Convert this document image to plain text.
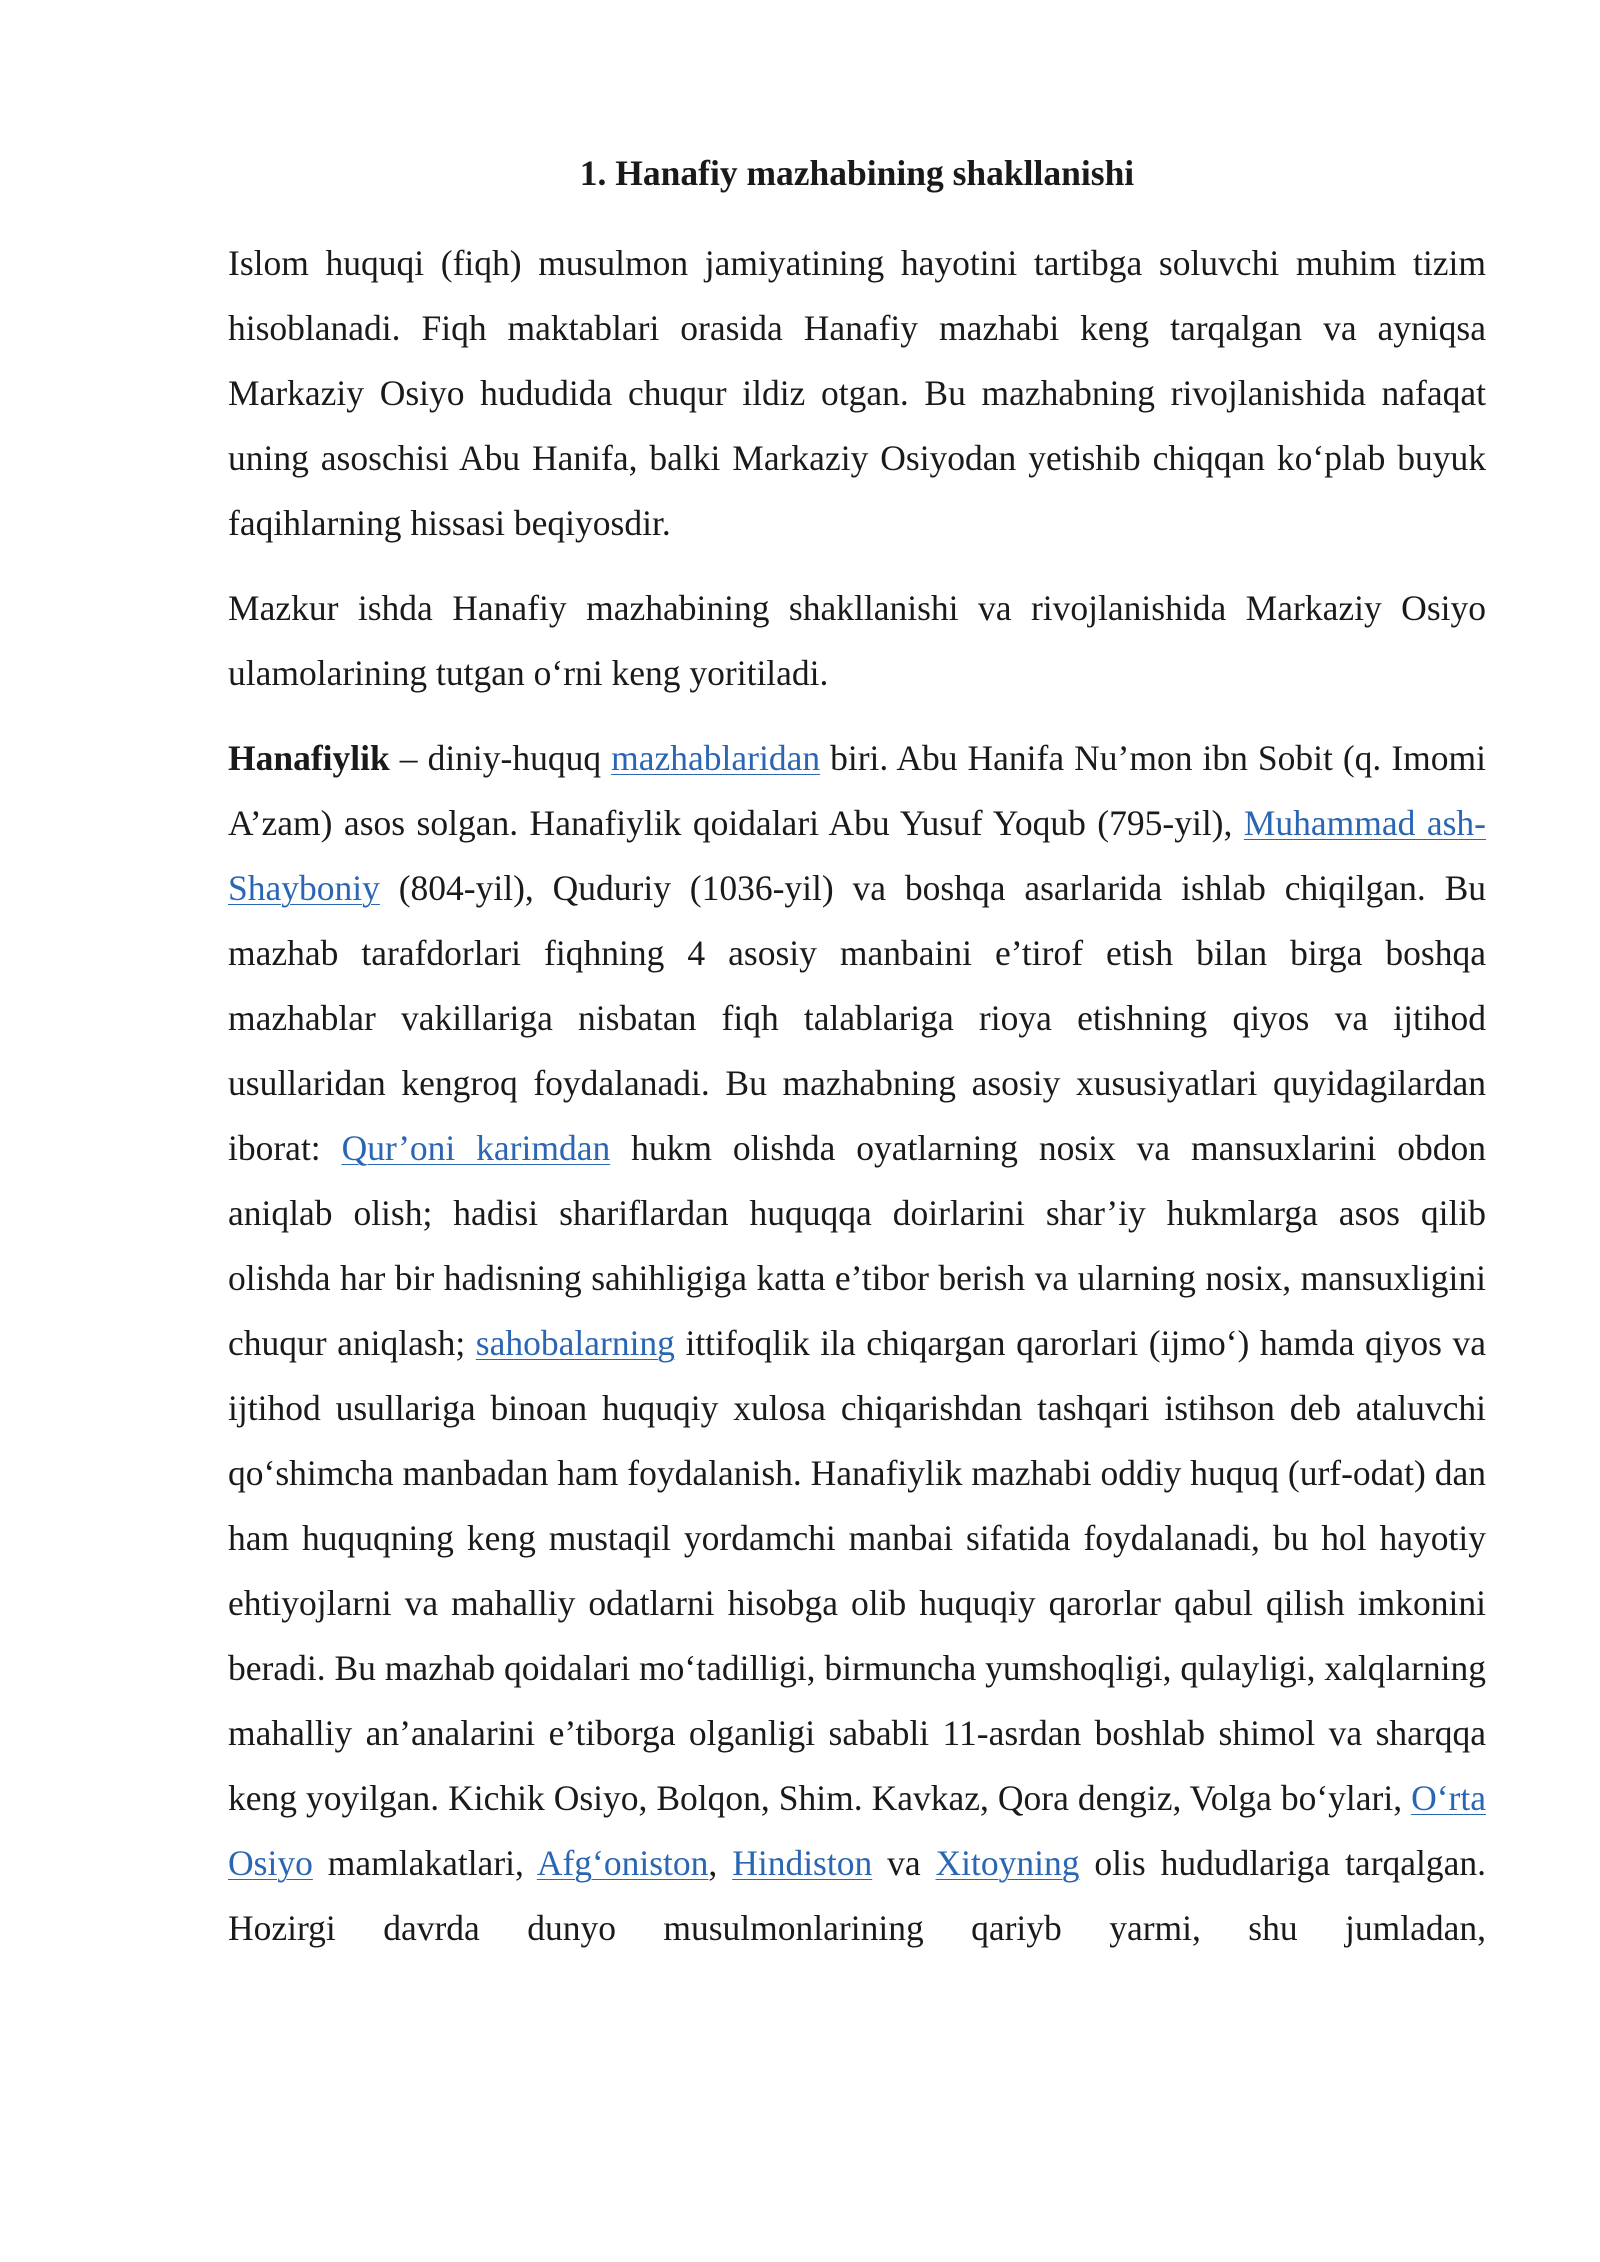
1. Hanafiy mazhabining shakllanishi

Islom huquqi (fiqh) musulmon jamiyatining hayotini tartibga soluvchi muhim tizim hisoblanadi. Fiqh maktablari orasida Hanafiy mazhabi keng tarqalgan va ayniqsa Markaziy Osiyo hududida chuqur ildiz otgan. Bu mazhabning rivojlanishida nafaqat uning asoschisi Abu Hanifa, balki Markaziy Osiyodan yetishib chiqqan koʻplab buyuk faqihlarning hissasi beqiyosdir.

Mazkur ishda Hanafiy mazhabining shakllanishi va rivojlanishida Markaziy Osiyo ulamolarining tutgan oʻrni keng yoritiladi.

Hanafiylik – diniy-huquq mazhablaridan biri. Abu Hanifa Nu’mon ibn Sobit (q. Imomi A’zam) asos solgan. Hanafiylik qoidalari Abu Yusuf Yoqub (795-yil), Muhammad ash-Shayboniy (804-yil), Quduriy (1036-yil) va boshqa asarlarida ishlab chiqilgan. Bu mazhab tarafdorlari fiqhning 4 asosiy manbaini e’tirof etish bilan birga boshqa mazhablar vakillariga nisbatan fiqh talablariga rioya etishning qiyos va ijtihod usullaridan kengroq foydalanadi. Bu mazhabning asosiy xususiyatlari quyidagilardan iborat: Qur’oni karimdan hukm olishda oyatlarning nosix va mansuxlarini obdon aniqlab olish; hadisi shariflardan huquqqa doirlarini shar’iy hukmlarga asos qilib olishda har bir hadisning sahihligiga katta e’tibor berish va ularning nosix, mansuxligini chuqur aniqlash; sahobalarning ittifoqlik ila chiqargan qarorlari (ijmoʻ) hamda qiyos va ijtihod usullariga binoan huquqiy xulosa chiqarishdan tashqari istihson deb ataluvchi qoʻshimcha manbadan ham foydalanish. Hanafiylik mazhabi oddiy huquq (urf-odat) dan ham huquqning keng mustaqil yordamchi manbai sifatida foydalanadi, bu hol hayotiy ehtiyojlarni va mahalliy odatlarni hisobga olib huquqiy qarorlar qabul qilish imkonini beradi. Bu mazhab qoidalari moʻtadilligi, birmuncha yumshoqligi, qulayligi, xalqlarning mahalliy an’analarini e’tiborga olganligi sababli 11-asrdan boshlab shimol va sharqqa keng yoyilgan. Kichik Osiyo, Bolqon, Shim. Kavkaz, Qora dengiz, Volga boʻylari, Oʻrta Osiyo mamlakatlari, Afgʻoniston, Hindiston va Xitoyning olis hududlariga tarqalgan. Hozirgi davrda dunyo musulmonlarining qariyb yarmi, shu jumladan,
